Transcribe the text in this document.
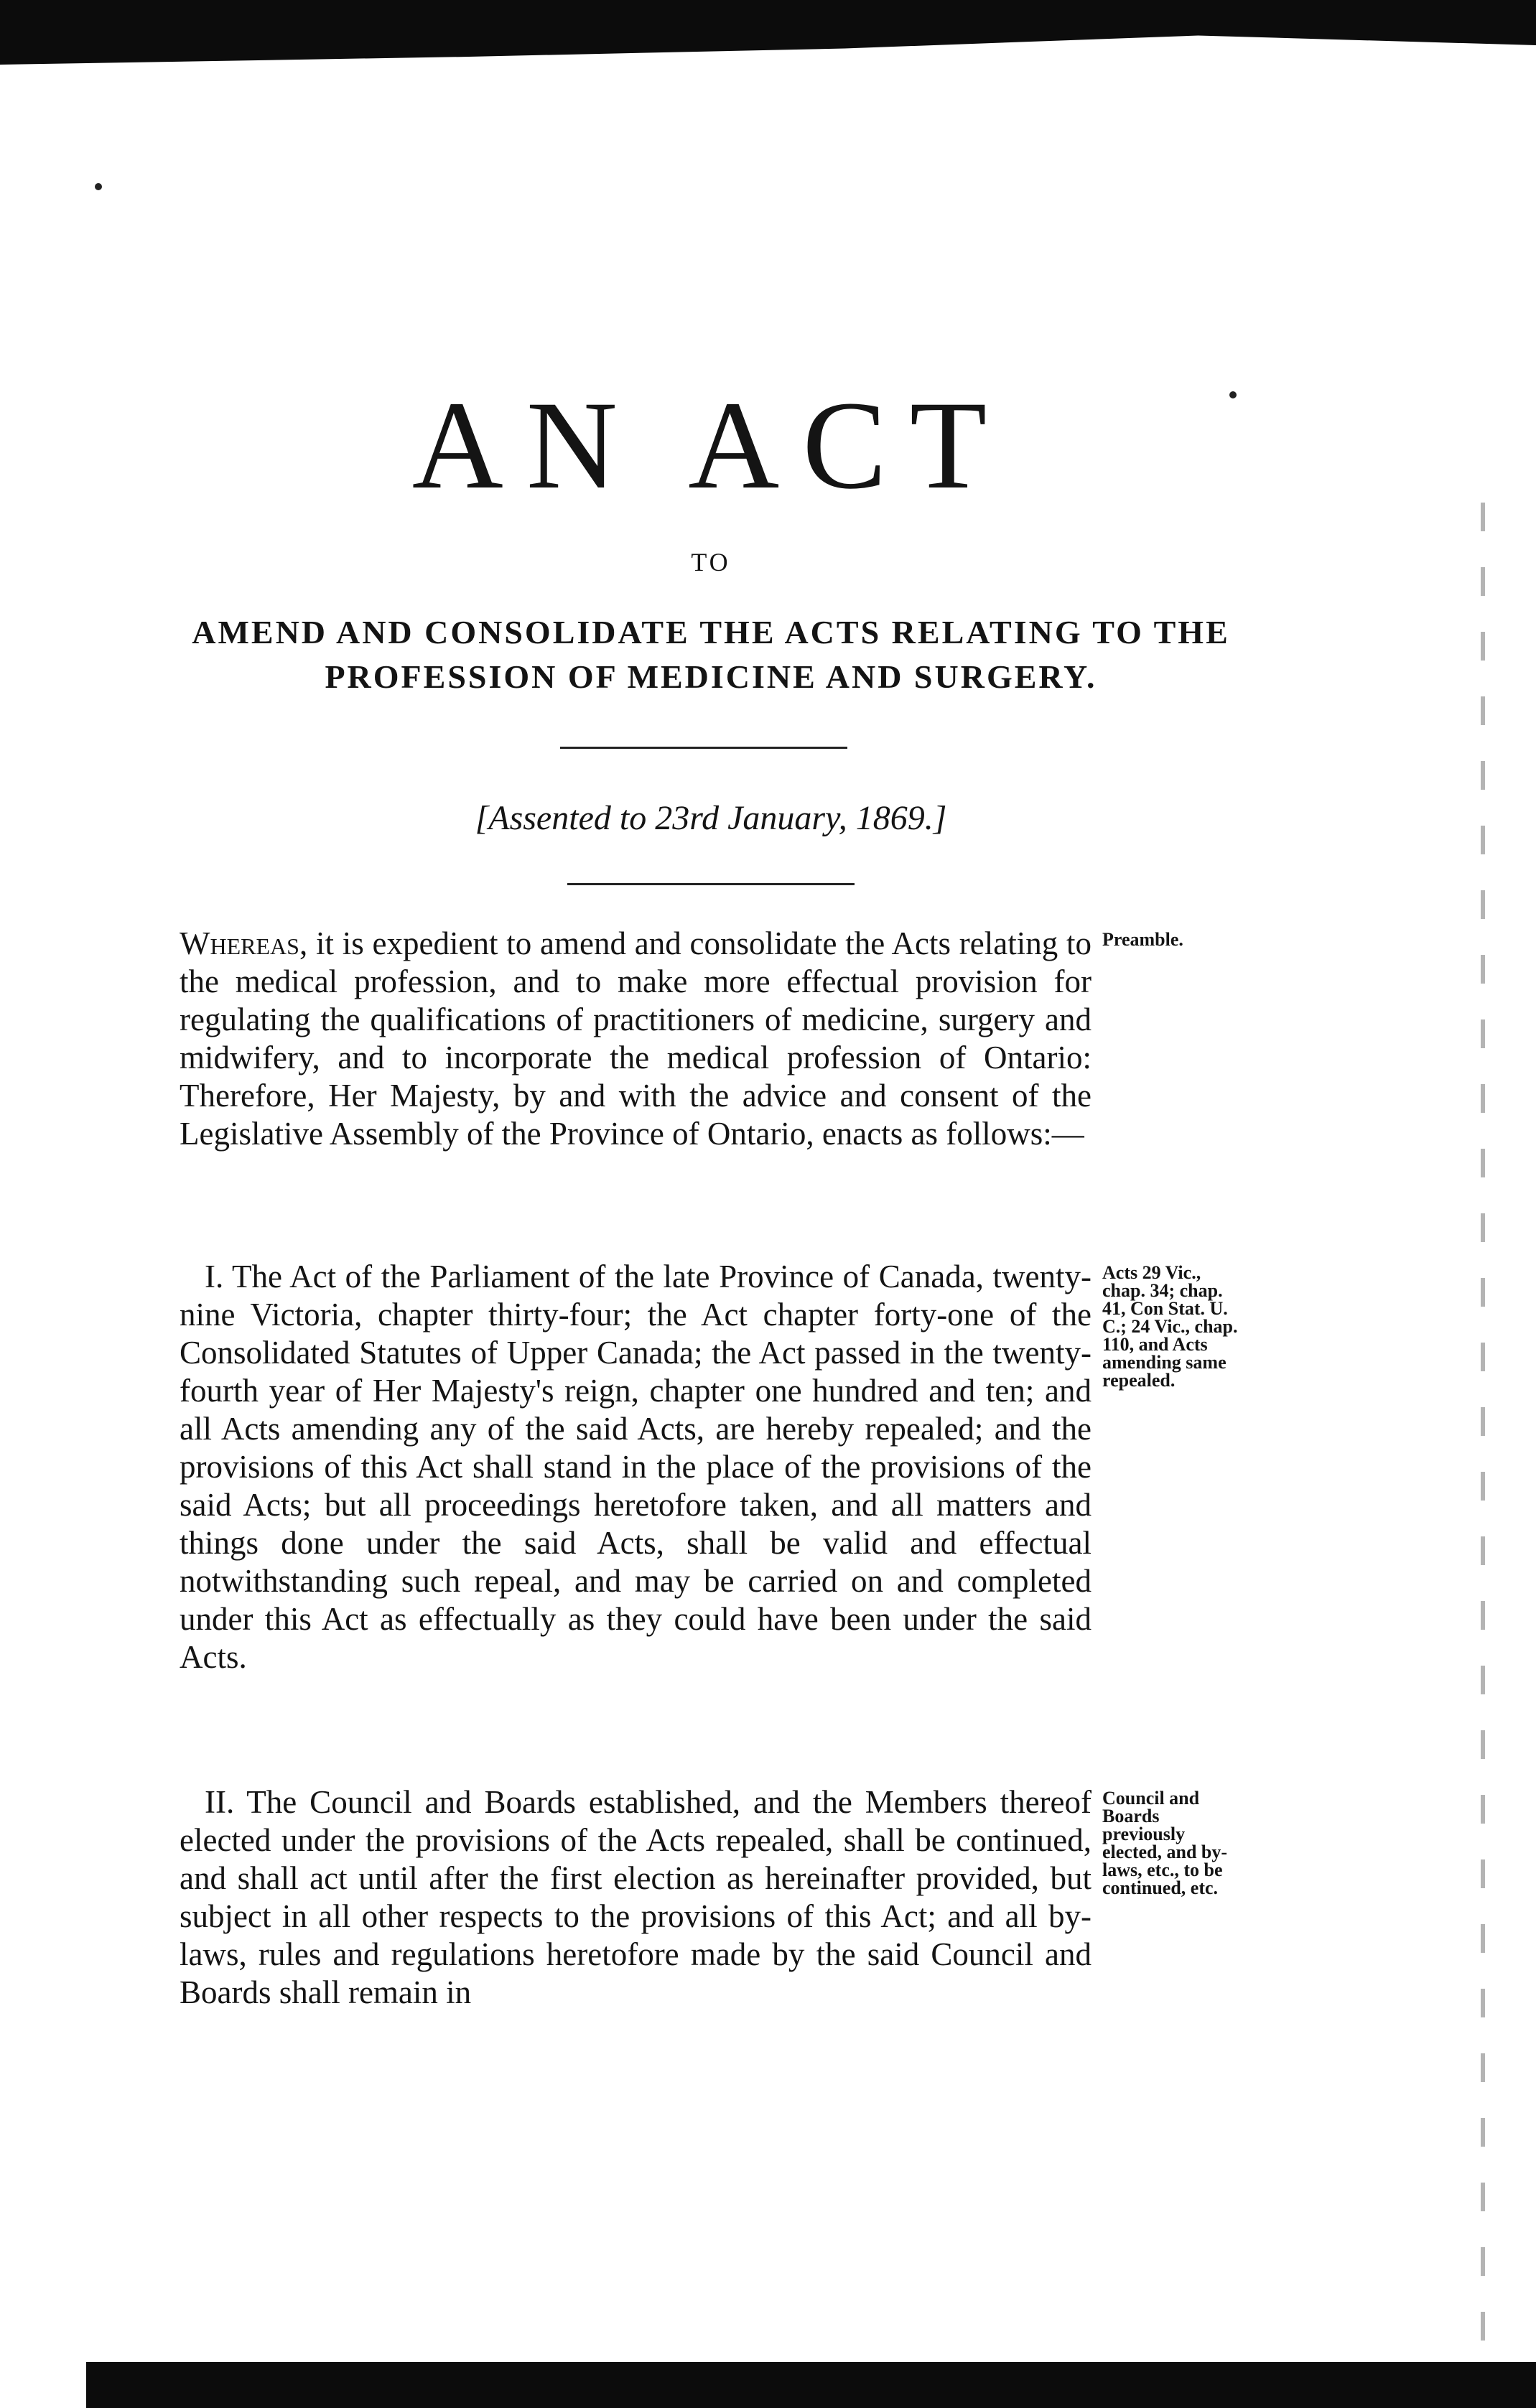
AN ACT
TO
AMEND AND CONSOLIDATE THE ACTS RELATING TO THE
PROFESSION OF MEDICINE AND SURGERY.
[Assented to 23rd January, 1869.]

Whereas, it is expedient to amend and consolidate the Acts relating to the medical profession, and to make more effectual provision for regulating the qualifications of practitioners of medicine, surgery and midwifery, and to incorporate the medical profession of Ontario: Therefore, Her Majesty, by and with the advice and consent of the Legislative Assembly of the Province of Ontario, enacts as follows:—

Preamble.

I. The Act of the Parliament of the late Province of Canada, twenty-nine Victoria, chapter thirty-four; the Act chapter forty-one of the Consolidated Statutes of Upper Canada; the Act passed in the twenty-fourth year of Her Majesty's reign, chapter one hundred and ten; and all Acts amending any of the said Acts, are hereby repealed; and the provisions of this Act shall stand in the place of the provisions of the said Acts; but all proceedings heretofore taken, and all matters and things done under the said Acts, shall be valid and effectual notwithstanding such repeal, and may be carried on and completed under this Act as effectually as they could have been under the said Acts.

Acts 29 Vic., chap. 34; chap. 41, Con Stat. U. C.; 24 Vic., chap. 110, and Acts amending same repealed.

II. The Council and Boards established, and the Members thereof elected under the provisions of the Acts repealed, shall be continued, and shall act until after the first election as hereinafter provided, but subject in all other respects to the provisions of this Act; and all by-laws, rules and regulations heretofore made by the said Council and Boards shall remain in

Council and Boards previously elected, and by-laws, etc., to be continued, etc.
